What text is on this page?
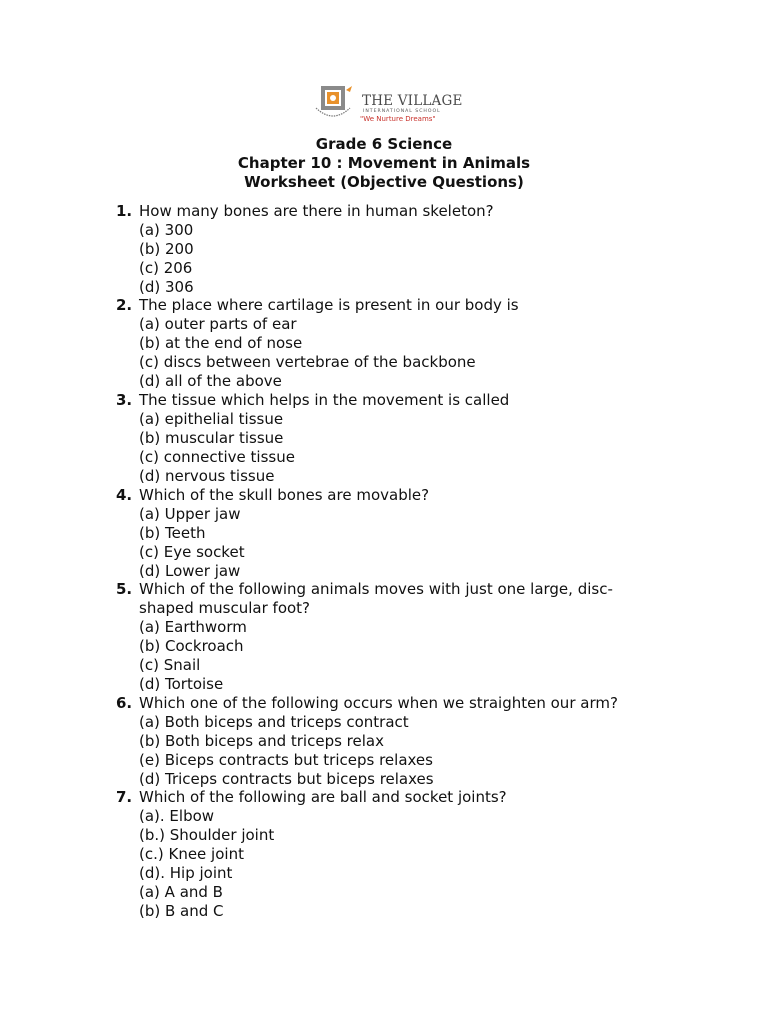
THE VILLAGE
INTERNATIONAL SCHOOL
"We Nurture Dreams"
Grade 6 Science
Chapter 10 : Movement in Animals
Worksheet (Objective Questions)
1. How many bones are there in human skeleton?
(a) 300
(b) 200
(c) 206
(d) 306
2. The place where cartilage is present in our body is
(a) outer parts of ear
(b) at the end of nose
(c) discs between vertebrae of the backbone
(d) all of the above
3. The tissue which helps in the movement is called
(a) epithelial tissue
(b) muscular tissue
(c) connective tissue
(d) nervous tissue
4. Which of the skull bones are movable?
(a) Upper jaw
(b) Teeth
(c) Eye socket
(d) Lower jaw
5. Which of the following animals moves with just one large, disc-
shaped muscular foot?
(a) Earthworm
(b) Cockroach
(c) Snail
(d) Tortoise
6. Which one of the following occurs when we straighten our arm?
(a) Both biceps and triceps contract
(b) Both biceps and triceps relax
(e) Biceps contracts but triceps relaxes
(d) Triceps contracts but biceps relaxes
7. Which of the following are ball and socket joints?
(a). Elbow
(b.) Shoulder joint
(c.) Knee joint
(d). Hip joint
(a) A and B
(b) B and C
